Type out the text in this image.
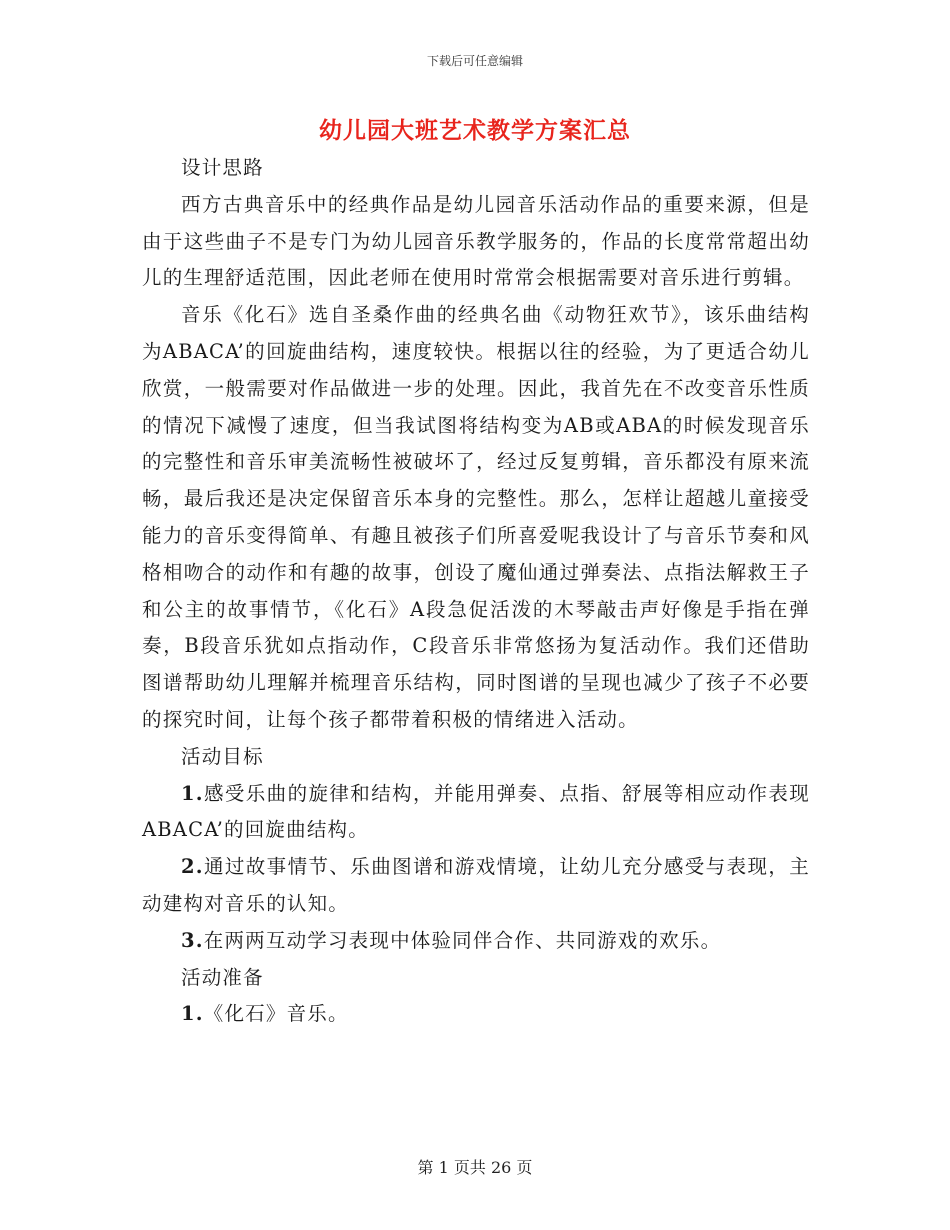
下载后可任意编辑
幼儿园大班艺术教学方案汇总

设计思路

西方古典音乐中的经典作品是幼儿园音乐活动作品的重要来源，但是由于这些曲子不是专门为幼儿园音乐教学服务的，作品的长度常常超出幼儿的生理舒适范围，因此老师在使用时常常会根据需要对音乐进行剪辑。

音乐《化石》选自圣桑作曲的经典名曲《动物狂欢节》，该乐曲结构为ABACA’的回旋曲结构，速度较快。根据以往的经验，为了更适合幼儿欣赏，一般需要对作品做进一步的处理。因此，我首先在不改变音乐性质的情况下减慢了速度，但当我试图将结构变为AB或ABA的时候发现音乐的完整性和音乐审美流畅性被破坏了，经过反复剪辑，音乐都没有原来流畅，最后我还是决定保留音乐本身的完整性。那么，怎样让超越儿童接受能力的音乐变得简单、有趣且被孩子们所喜爱呢我设计了与音乐节奏和风格相吻合的动作和有趣的故事，创设了魔仙通过弹奏法、点指法解救王子和公主的故事情节，《化石》A段急促活泼的木琴敲击声好像是手指在弹奏，B段音乐犹如点指动作，C段音乐非常悠扬为复活动作。我们还借助图谱帮助幼儿理解并梳理音乐结构，同时图谱的呈现也减少了孩子不必要的探究时间，让每个孩子都带着积极的情绪进入活动。

活动目标

1.感受乐曲的旋律和结构，并能用弹奏、点指、舒展等相应动作表现ABACA’的回旋曲结构。

2.通过故事情节、乐曲图谱和游戏情境，让幼儿充分感受与表现，主动建构对音乐的认知。

3.在两两互动学习表现中体验同伴合作、共同游戏的欢乐。

活动准备

1.《化石》音乐。

第 1 页共 26 页
